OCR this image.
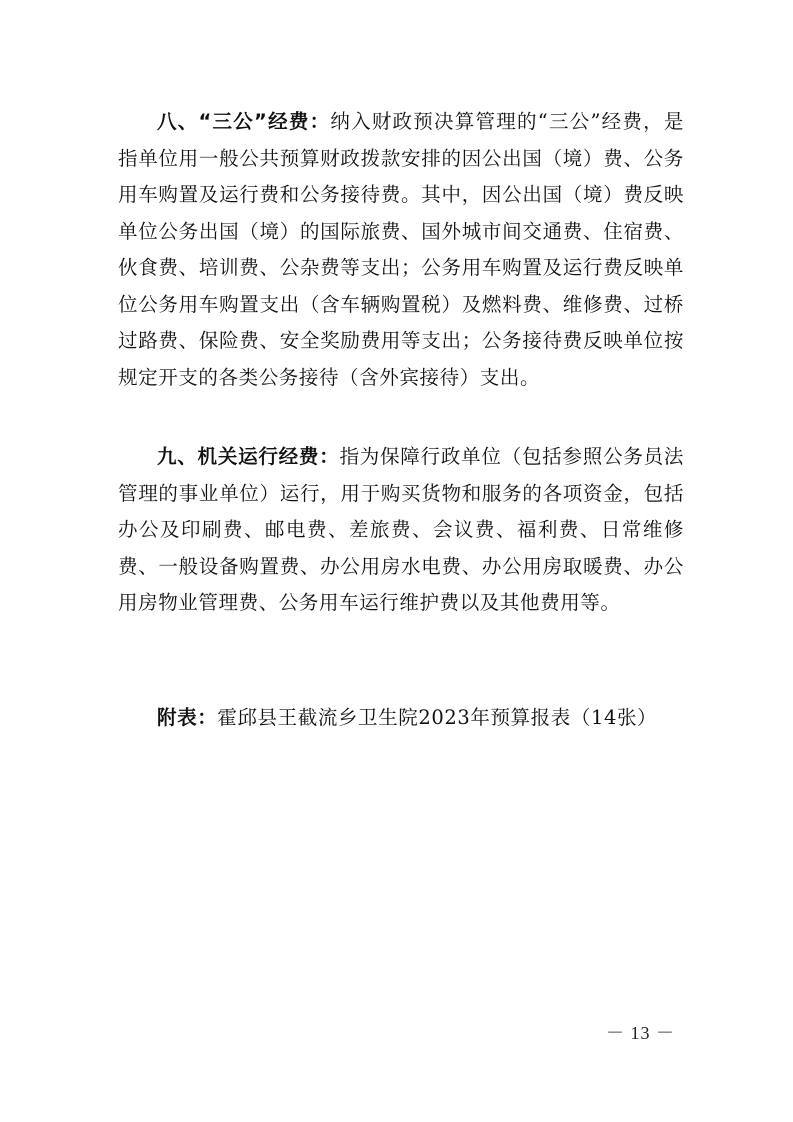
八、“三公”经费：纳入财政预决算管理的“三公”经费，是指单位用一般公共预算财政拨款安排的因公出国（境）费、公务用车购置及运行费和公务接待费。其中，因公出国（境）费反映单位公务出国（境）的国际旅费、国外城市间交通费、住宿费、伙食费、培训费、公杂费等支出；公务用车购置及运行费反映单位公务用车购置支出（含车辆购置税）及燃料费、维修费、过桥过路费、保险费、安全奖励费用等支出；公务接待费反映单位按规定开支的各类公务接待（含外宾接待）支出。

九、机关运行经费：指为保障行政单位（包括参照公务员法管理的事业单位）运行，用于购买货物和服务的各项资金，包括办公及印刷费、邮电费、差旅费、会议费、福利费、日常维修费、一般设备购置费、办公用房水电费、办公用房取暖费、办公用房物业管理费、公务用车运行维护费以及其他费用等。

附表：霍邱县王截流乡卫生院2023年预算报表（14张）

－ 13 －
